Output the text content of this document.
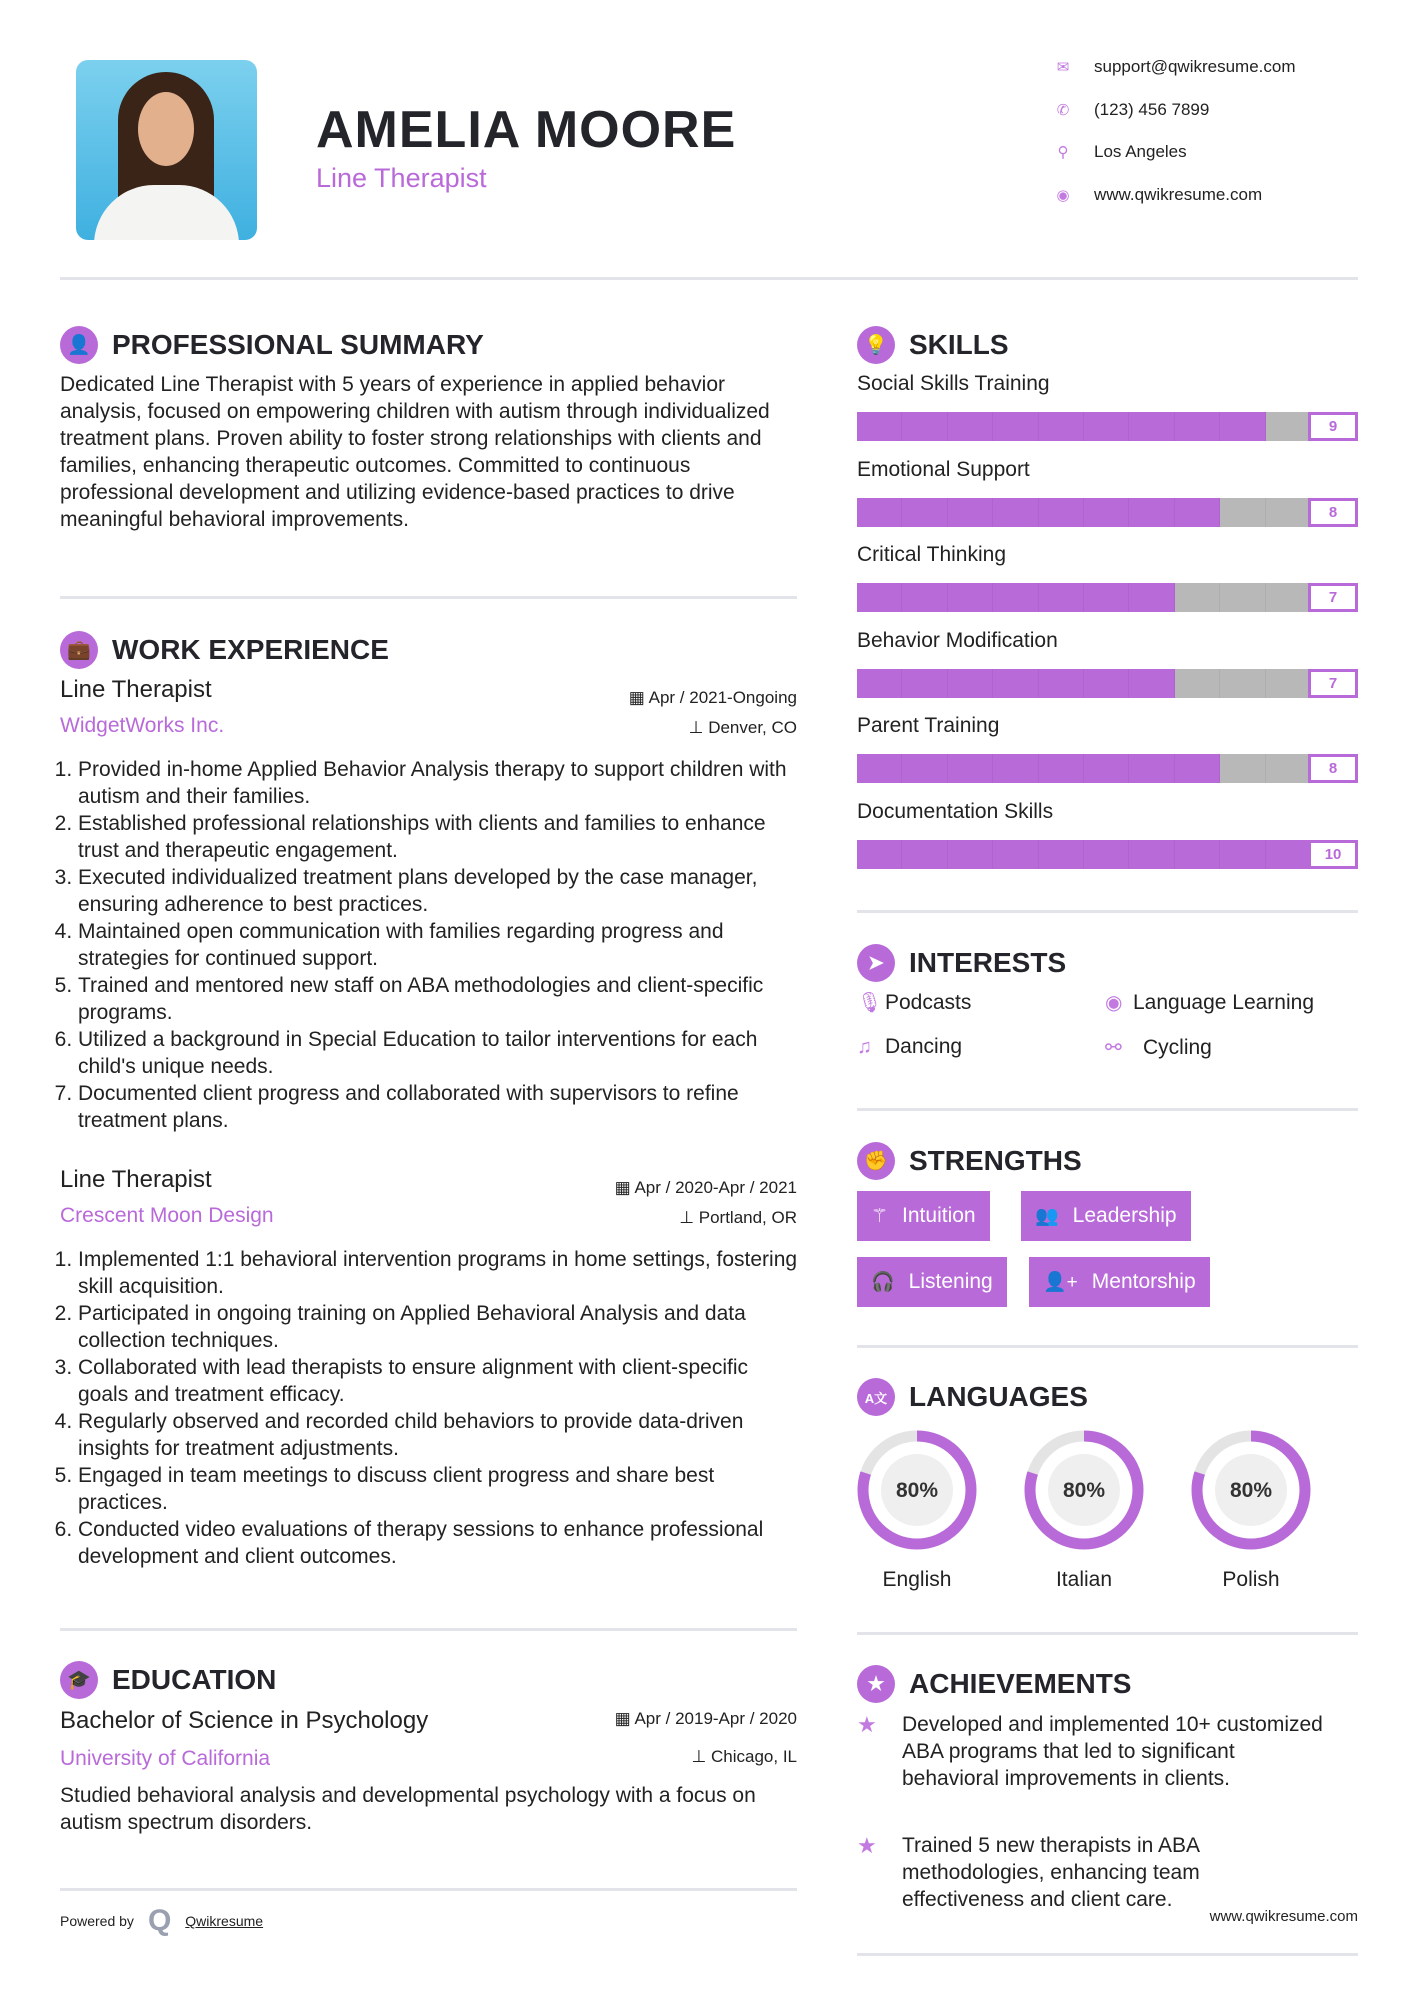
AMELIA MOORE
Line Therapist
✉ support@qwikresume.com
✆ (123) 456 7899
⚲	Los Angeles
◉ www.qwikresume.com
👤 PROFESSIONAL SUMMARY
Dedicated Line Therapist with 5 years of experience in applied behavior analysis, focused on empowering children with autism through individualized treatment plans. Proven ability to foster strong relationships with clients and families, enhancing therapeutic outcomes. Committed to continuous professional development and utilizing evidence-based practices to drive meaningful behavioral improvements.
💼 WORK EXPERIENCE
Line Therapist	▦ Apr / 2021-Ongoing
WidgetWorks Inc.	⊥ Denver, CO
1. Provided in-home Applied Behavior Analysis therapy to support children with autism and their families.
2. Established professional relationships with clients and families to enhance trust and therapeutic engagement.
3. Executed individualized treatment plans developed by the case manager, ensuring adherence to best practices.
4. Maintained open communication with families regarding progress and strategies for continued support.
5. Trained and mentored new staff on ABA methodologies and client-specific programs.
6. Utilized a background in Special Education to tailor interventions for each child's unique needs.
7. Documented client progress and collaborated with supervisors to refine treatment plans.
Line Therapist	▦ Apr / 2020-Apr / 2021
Crescent Moon Design	⊥ Portland, OR
1. Implemented 1:1 behavioral intervention programs in home settings, fostering skill acquisition.
2. Participated in ongoing training on Applied Behavioral Analysis and data collection techniques.
3. Collaborated with lead therapists to ensure alignment with client-specific goals and treatment efficacy.
4. Regularly observed and recorded child behaviors to provide data-driven insights for treatment adjustments.
5. Engaged in team meetings to discuss client progress and share best practices.
6. Conducted video evaluations of therapy sessions to enhance professional development and client outcomes.
🎓 EDUCATION
Bachelor of Science in Psychology	▦ Apr / 2019-Apr / 2020
University of California	⊥ Chicago, IL
Studied behavioral analysis and developmental psychology with a focus on autism spectrum disorders.
Powered by Q Qwikresume
💡 SKILLS
Social Skills Training
9
Emotional Support
8
Critical Thinking
7
Behavior Modification
7
Parent Training
8
Documentation Skills
10
➤ INTERESTS
🎙 Podcasts	◉ Language Learning
♫ Dancing	⚯	Cycling
✊ STRENGTHS
⚚ Intuition	👥 Leadership
🎧 Listening	👤+ Mentorship
A文 LANGUAGES
80%
English
80%
Italian
80%
Polish
★ ACHIEVEMENTS
★	Developed and implemented 10+ customized ABA programs that led to significant behavioral improvements in clients.
★	Trained 5 new therapists in ABA methodologies, enhancing team effectiveness and client care.
www.qwikresume.com
